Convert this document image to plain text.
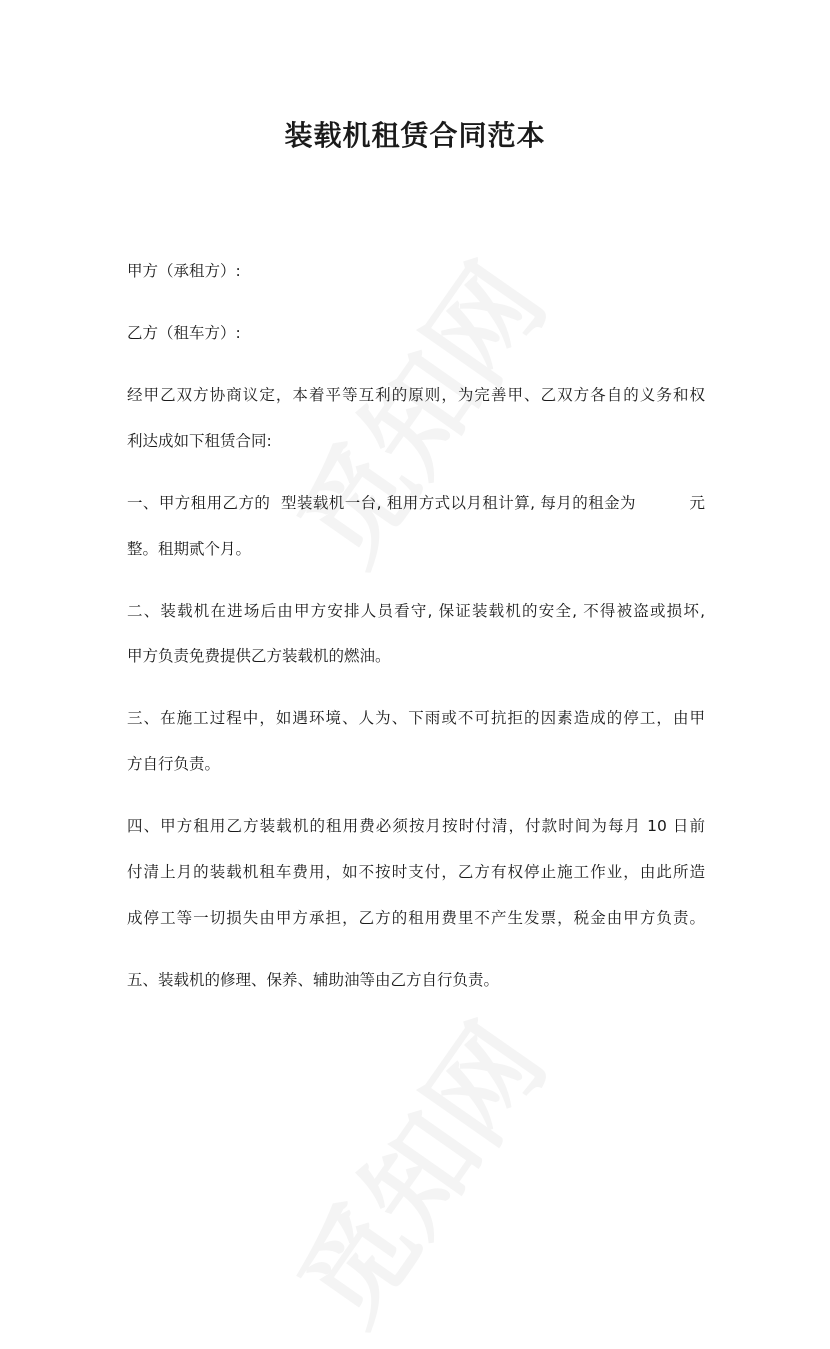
装载机租赁合同范本
甲方（承租方）:
乙方（租车方）:
经甲乙双方协商议定，本着平等互利的原则，为完善甲、乙双方各自的义务和权
利达成如下租赁合同:
一、甲方租用乙方的  型装载机一台, 租用方式以月租计算, 每月的租金为          元
整。租期贰个月。
二、装载机在进场后由甲方安排人员看守, 保证装载机的安全, 不得被盗或损坏,
甲方负责免费提供乙方装载机的燃油。
三、在施工过程中，如遇环境、人为、下雨或不可抗拒的因素造成的停工，由甲
方自行负责。
四、甲方租用乙方装载机的租用费必须按月按时付清，付款时间为每月 10 日前
付清上月的装载机租车费用，如不按时支付，乙方有权停止施工作业，由此所造
成停工等一切损失由甲方承担，乙方的租用费里不产生发票，税金由甲方负责。
五、装载机的修理、保养、辅助油等由乙方自行负责。
